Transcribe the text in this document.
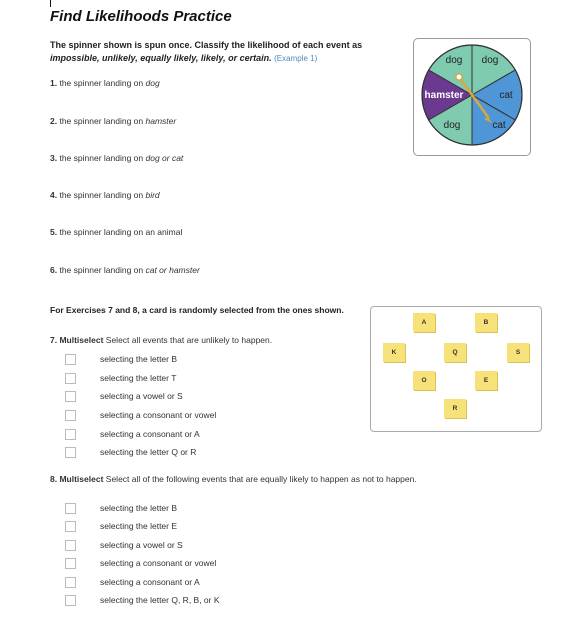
Find Likelihoods Practice
The spinner shown is spun once. Classify the likelihood of each event as
impossible, unlikely, equally likely, likely, or certain. (Example 1)
1. the spinner landing on dog
2. the spinner landing on hamster
3. the spinner landing on dog or cat
4. the spinner landing on bird
5. the spinner landing on an animal
6. the spinner landing on cat or hamster
dog dog
hamster	cat
dog	cat
For Exercises 7 and 8, a card is randomly selected from the ones shown.
A	B
K	Q	S
O	E
R
7. Multiselect Select all events that are unlikely to happen.
selecting the letter B
selecting the letter T
selecting a vowel or S
selecting a consonant or vowel
selecting a consonant or A
selecting the letter Q or R
8. Multiselect Select all of the following events that are equally likely to happen as not to happen.
selecting the letter B
selecting the letter E
selecting a vowel or S
selecting a consonant or vowel
selecting a consonant or A
selecting the letter Q, R, B, or K
